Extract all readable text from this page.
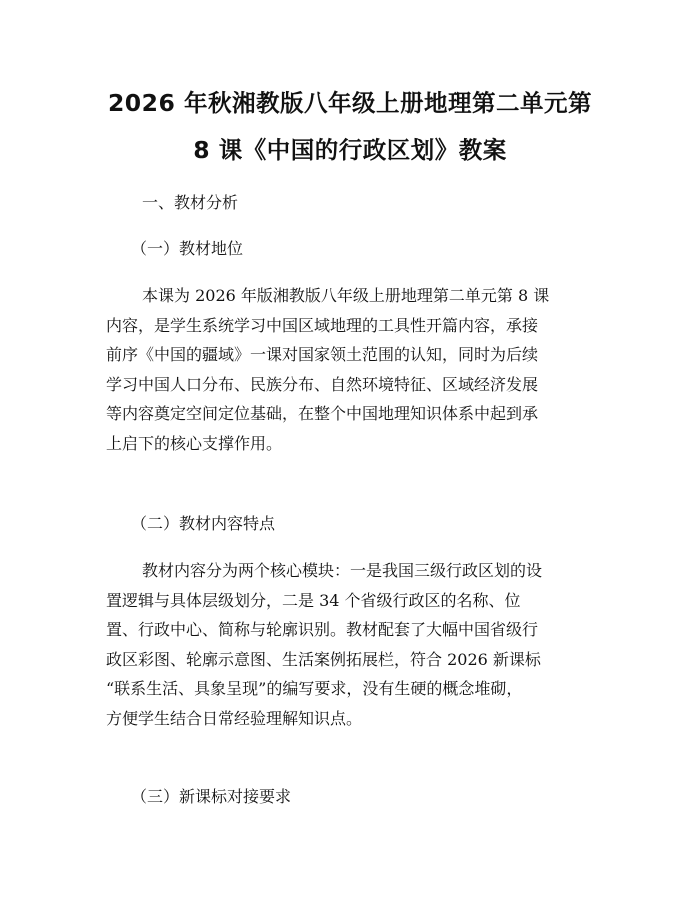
2026 年秋湘教版八年级上册地理第二单元第
8 课《中国的行政区划》教案
一、教材分析
（一）教材地位
本课为 2026 年版湘教版八年级上册地理第二单元第 8 课
内容，是学生系统学习中国区域地理的工具性开篇内容，承接
前序《中国的疆域》一课对国家领土范围的认知，同时为后续
学习中国人口分布、民族分布、自然环境特征、区域经济发展
等内容奠定空间定位基础，在整个中国地理知识体系中起到承
上启下的核心支撑作用。
（二）教材内容特点
教材内容分为两个核心模块：一是我国三级行政区划的设
置逻辑与具体层级划分，二是 34 个省级行政区的名称、位
置、行政中心、简称与轮廓识别。教材配套了大幅中国省级行
政区彩图、轮廓示意图、生活案例拓展栏，符合 2026 新课标
“联系生活、具象呈现”的编写要求，没有生硬的概念堆砌，
方便学生结合日常经验理解知识点。
（三）新课标对接要求
